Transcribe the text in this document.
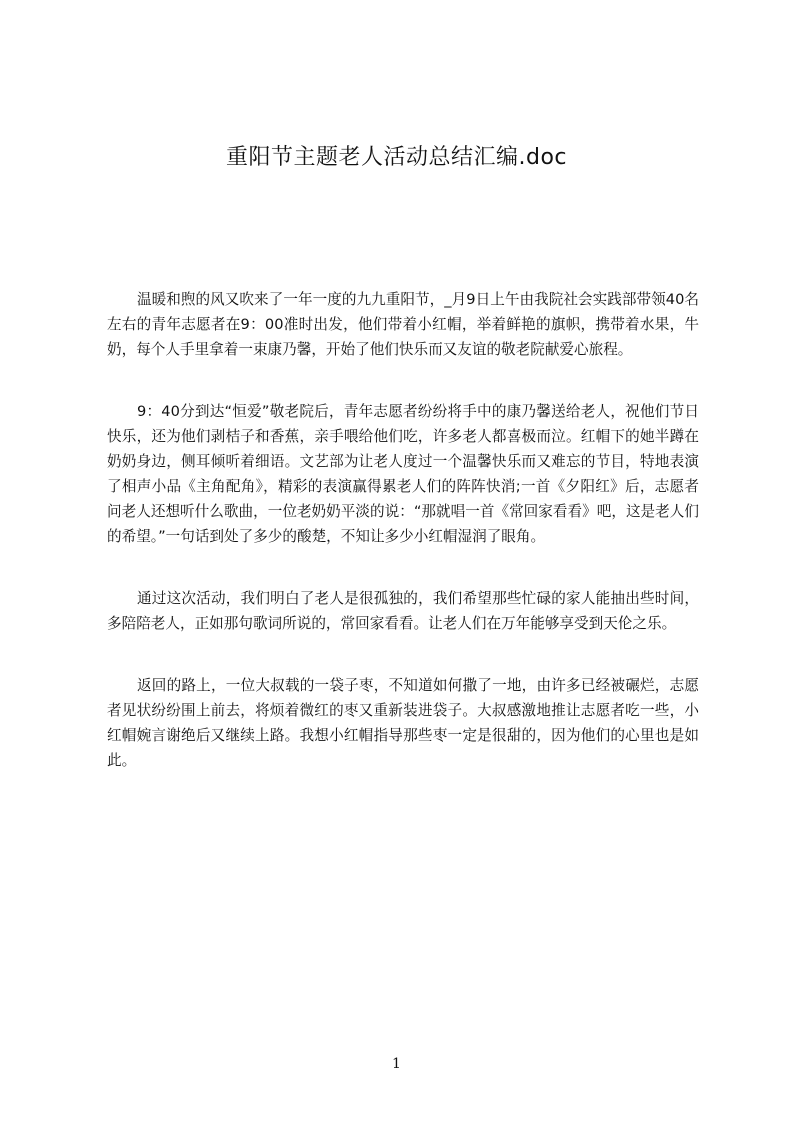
重阳节主题老人活动总结汇编.doc

温暖和煦的风又吹来了一年一度的九九重阳节，_月9日上午由我院社会实践部带领40名左右的青年志愿者在9：00准时出发，他们带着小红帽，举着鲜艳的旗帜，携带着水果，牛奶，每个人手里拿着一束康乃馨，开始了他们快乐而又友谊的敬老院献爱心旅程。

9：40分到达“恒爱”敬老院后，青年志愿者纷纷将手中的康乃馨送给老人，祝他们节日快乐，还为他们剥桔子和香蕉，亲手喂给他们吃，许多老人都喜极而泣。红帽下的她半蹲在奶奶身边，侧耳倾听着细语。文艺部为让老人度过一个温馨快乐而又难忘的节目，特地表演了相声小品《主角配角》，精彩的表演赢得累老人们的阵阵快消;一首《夕阳红》后，志愿者问老人还想听什么歌曲，一位老奶奶平淡的说：“那就唱一首《常回家看看》吧，这是老人们的希望。”一句话到处了多少的酸楚，不知让多少小红帽湿润了眼角。

通过这次活动，我们明白了老人是很孤独的，我们希望那些忙碌的家人能抽出些时间，多陪陪老人，正如那句歌词所说的，常回家看看。让老人们在万年能够享受到天伦之乐。

返回的路上，一位大叔载的一袋子枣，不知道如何撒了一地，由许多已经被碾烂，志愿者见状纷纷围上前去，将烦着微红的枣又重新装进袋子。大叔感激地推让志愿者吃一些，小红帽婉言谢绝后又继续上路。我想小红帽指导那些枣一定是很甜的，因为他们的心里也是如此。

1
